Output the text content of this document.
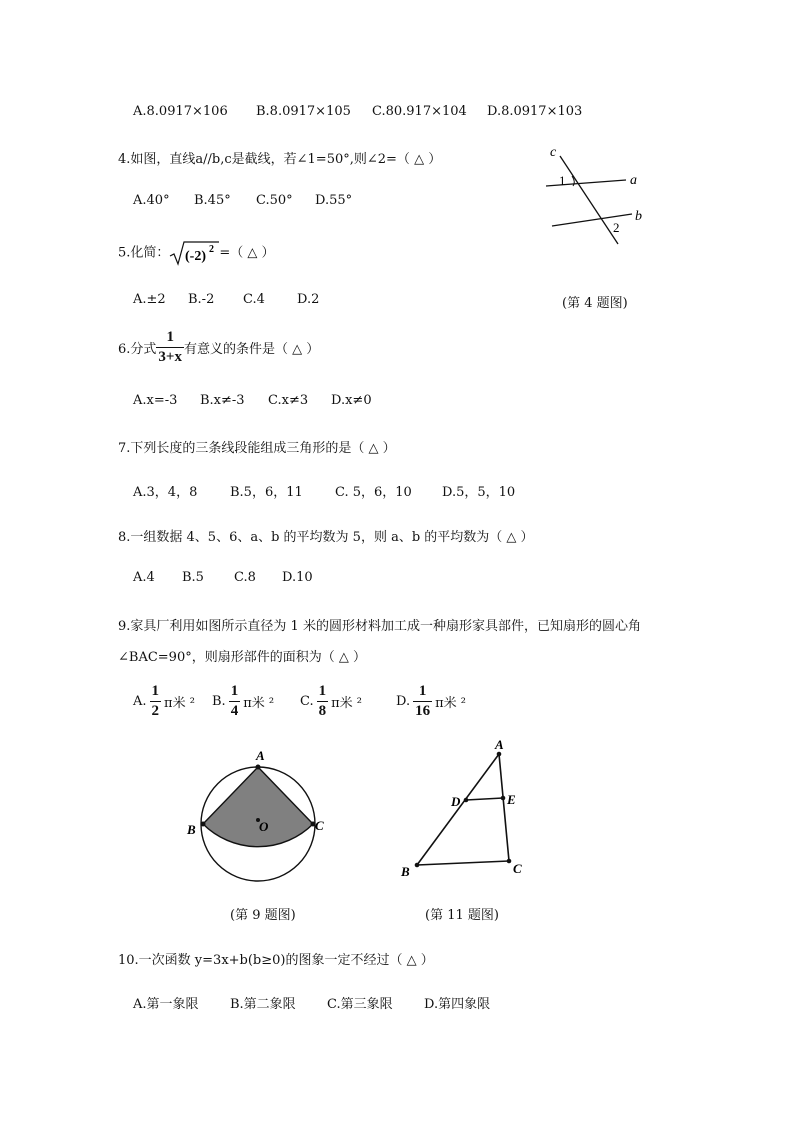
A.8.0917×106 B.8.0917×105 C.80.917×104 D.8.0917×103
4.如图，直线a//b,c是截线，若∠1=50°,则∠2=（ △ ）
A.40° B.45° C.50° D.55°
c
a
b
1
2
5.化简： (-2) 2 =（ △ ）
A.±2 B.-2 C.4 D.2	(第 4 题图)
6.分式 $\frac{1}{3+x}$ 有意义的条件是（ △ ）
A.x=-3 B.x≠-3 C.x≠3 D.x≠0
7.下列长度的三条线段能组成三角形的是（ △ ）
A.3，4，8	B.5，6，11 C. 5，6，10 D.5，5，10
8.一组数据 4、5、6、a、b 的平均数为 5，则 a、b 的平均数为（ △ ）
A.4 B.5 C.8 D.10
9.家具厂利用如图所示直径为 1 米的圆形材料加工成一种扇形家具部件，已知扇形的圆心角
∠BAC=90°，则扇形部件的面积为（ △ ）
A. $\frac{1}{2}$ π米 ² B. $\frac{1}{4}$ π米 ² C. $\frac{1}{8}$ π米 ²	D. $\frac{1}{16}$ π米 ²
A
B	C
O
(第 9 题图)
A
B	C
D	E
(第 11 题图)
10.一次函数 y=3x+b(b≥0)的图象一定不经过（ △ ）
A.第一象限 B.第二象限 C.第三象限 D.第四象限
